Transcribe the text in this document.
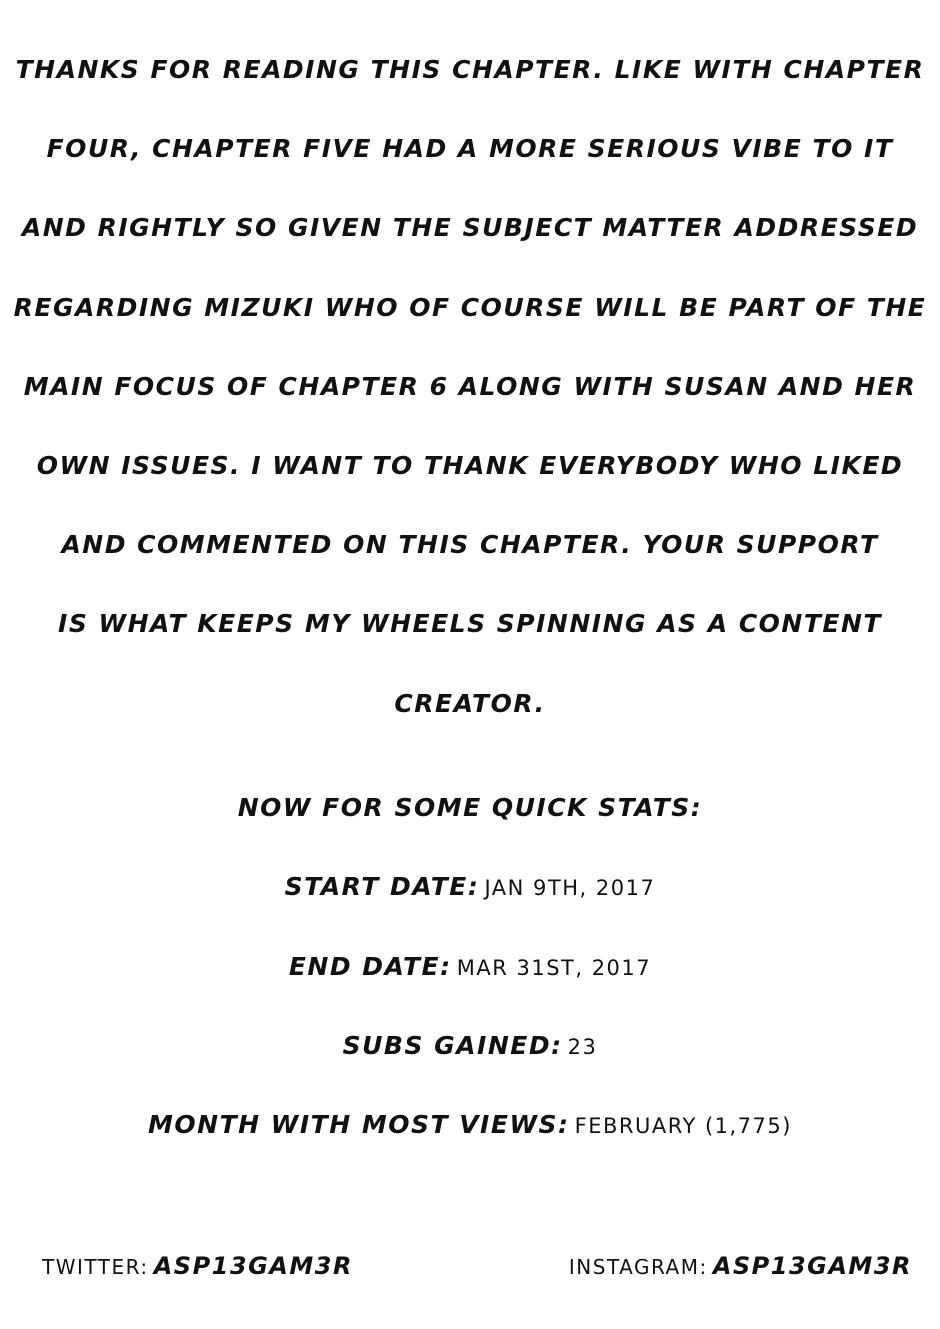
THANKS FOR READING THIS CHAPTER. LIKE WITH CHAPTER
FOUR, CHAPTER FIVE HAD A MORE SERIOUS VIBE TO IT
AND RIGHTLY SO GIVEN THE SUBJECT MATTER ADDRESSED
REGARDING MIZUKI WHO OF COURSE WILL BE PART OF THE
MAIN FOCUS OF CHAPTER 6 ALONG WITH SUSAN AND HER
OWN ISSUES. I WANT TO THANK EVERYBODY WHO LIKED
AND COMMENTED ON THIS CHAPTER. YOUR SUPPORT
IS WHAT KEEPS MY WHEELS SPINNING AS A CONTENT
CREATOR.
NOW FOR SOME QUICK STATS:
START DATE: JAN 9TH, 2017
END DATE: MAR 31ST, 2017
SUBS GAINED: 23
MONTH WITH MOST VIEWS: FEBRUARY (1,775)
TWITTER: ASP13GAM3R	INSTAGRAM: ASP13GAM3R
